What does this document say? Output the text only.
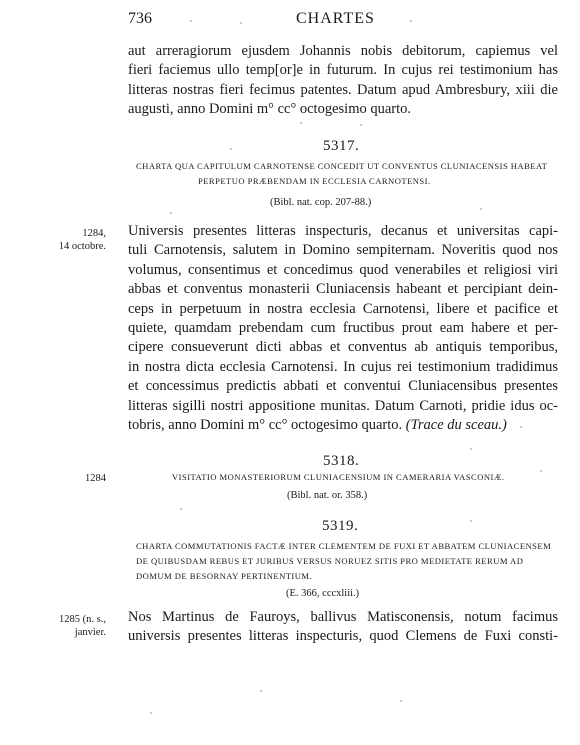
736	CHARTES
aut arreragiorum ejusdem Johannis nobis debitorum, capiemus vel
fieri faciemus ullo temp[or]e in futurum. In cujus rei testimonium has
litteras nostras fieri fecimus patentes. Datum apud Ambresbury, xiii die
augusti, anno Domini m° cc° octogesimo quarto.
5317.
CHARTA QUA CAPITULUM CARNOTENSE CONCEDIT UT CONVENTUS CLUNIACENSIS HABEAT
PERPETUO PRÆBENDAM IN ECCLESIA CARNOTENSI.
(Bibl. nat. cop. 207-88.)
1284,
14 octobre.
Universis presentes litteras inspecturis, decanus et universitas capi-
tuli Carnotensis, salutem in Domino sempiternam. Noveritis quod nos
volumus, consentimus et concedimus quod venerabiles et religiosi viri
abbas et conventus monasterii Cluniacensis habeant et percipiant dein-
ceps in perpetuum in nostra ecclesia Carnotensi, libere et pacifice et
quiete, quamdam prebendam cum fructibus prout eam habere et per-
cipere consueverunt dicti abbas et conventus ab antiquis temporibus,
in nostra dicta ecclesia Carnotensi. In cujus rei testimonium tradidimus
et concessimus predictis abbati et conventui Cluniacensibus presentes
litteras sigilli nostri appositione munitas. Datum Carnoti, pridie idus oc-
tobris, anno Domini m° cc° octogesimo quarto. (Trace du sceau.)
5318.
1284	VISITATIO MONASTERIORUM CLUNIACENSIUM IN CAMERARIA VASCONIÆ.
(Bibl. nat. or. 358.)
5319.
CHARTA COMMUTATIONIS FACTÆ INTER CLEMENTEM DE FUXI ET ABBATEM CLUNIACENSEM
DE QUIBUSDAM REBUS ET JURIBUS VERSUS NORUEZ SITIS PRO MEDIETATE RERUM AD
DOMUM DE BESORNAY PERTINENTIUM.
(E. 366, cccxliii.)
1285 (n. s.,
janvier.
Nos Martinus de Fauroys, ballivus Matisconensis, notum facimus
universis presentes litteras inspecturis, quod Clemens de Fuxi consti-
